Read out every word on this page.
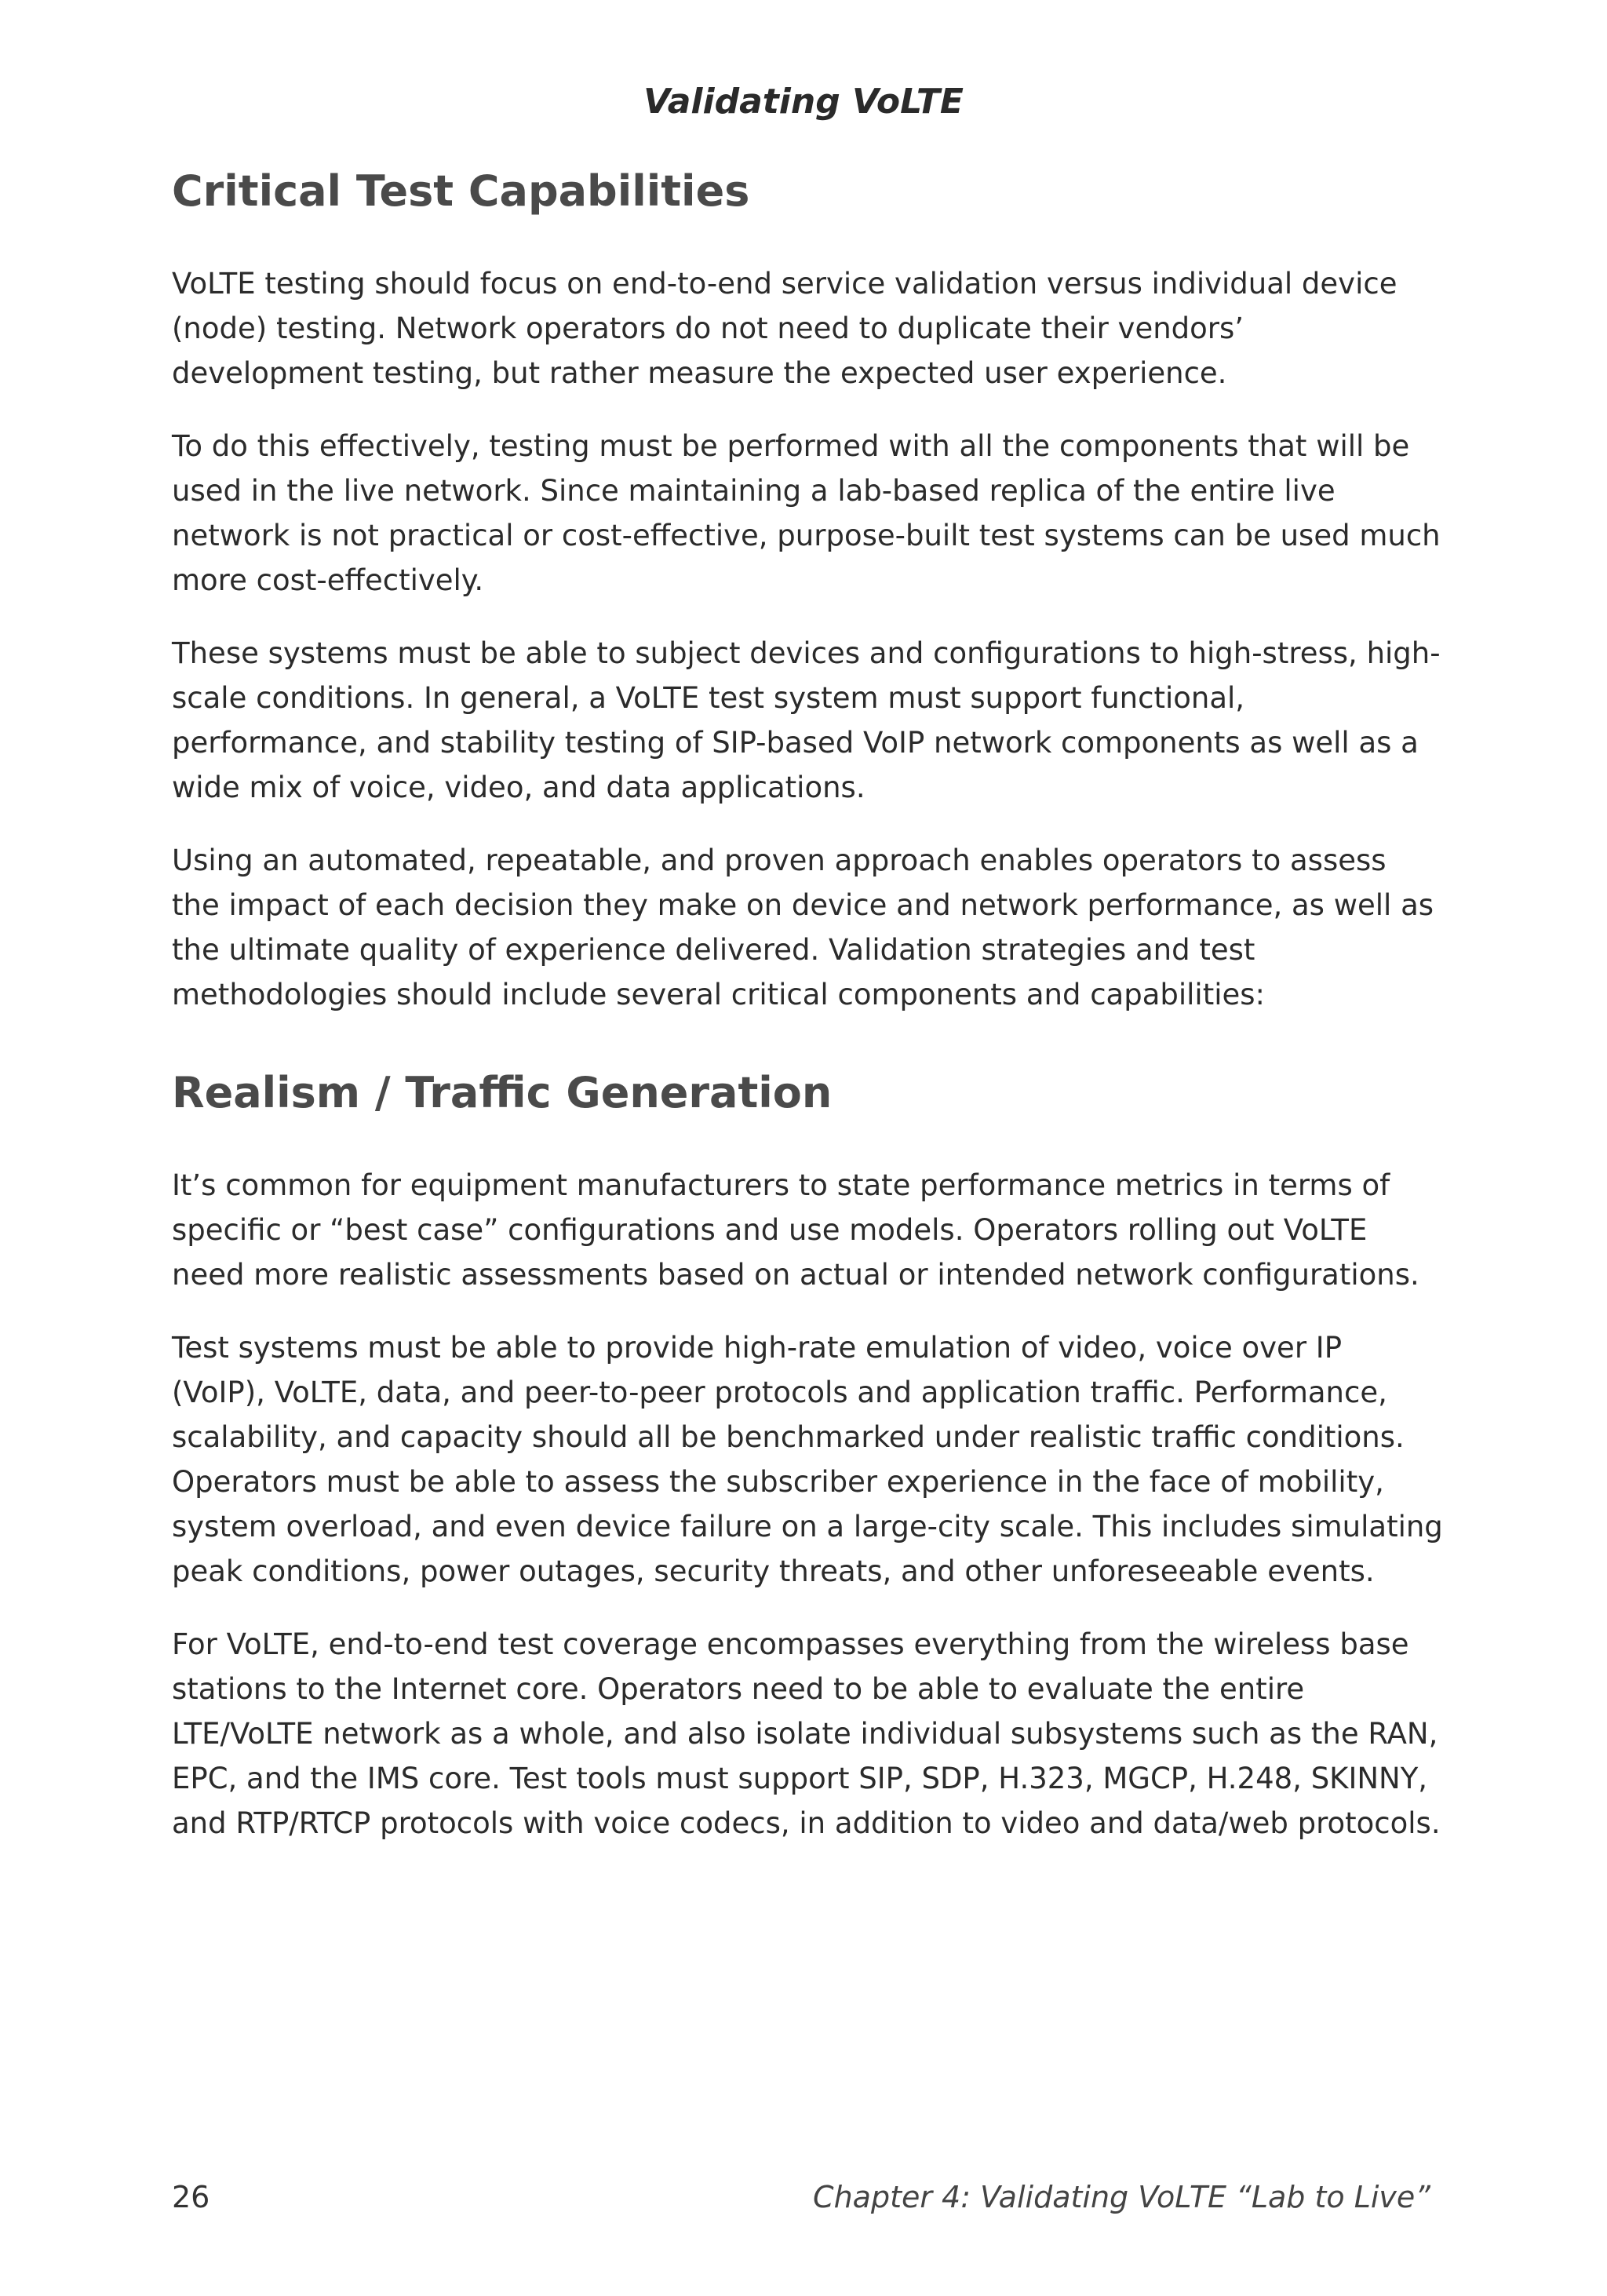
Validating VoLTE
Critical Test Capabilities

VoLTE testing should focus on end-to-end service validation versus individual device (node) testing. Network operators do not need to duplicate their vendors’ development testing, but rather measure the expected user experience.

To do this effectively, testing must be performed with all the components that will be used in the live network. Since maintaining a lab-based replica of the entire live network is not practical or cost-effective, purpose-built test systems can be used much more cost-effectively.

These systems must be able to subject devices and configurations to high-stress, high-scale conditions. In general, a VoLTE test system must support functional, performance, and stability testing of SIP-based VoIP network components as well as a wide mix of voice, video, and data applications.

Using an automated, repeatable, and proven approach enables operators to assess the impact of each decision they make on device and network performance, as well as the ultimate quality of experience delivered. Validation strategies and test methodologies should include several critical components and capabilities:

Realism / Traffic Generation

It’s common for equipment manufacturers to state performance metrics in terms of specific or “best case” configurations and use models. Operators rolling out VoLTE need more realistic assessments based on actual or intended network configurations.

Test systems must be able to provide high-rate emulation of video, voice over IP (VoIP), VoLTE, data, and peer-to-peer protocols and application traffic. Performance, scalability, and capacity should all be benchmarked under realistic traffic conditions. Operators must be able to assess the subscriber experience in the face of mobility, system overload, and even device failure on a large-city scale. This includes simulating peak conditions, power outages, security threats, and other unforeseeable events.

For VoLTE, end-to-end test coverage encompasses everything from the wireless base stations to the Internet core. Operators need to be able to evaluate the entire LTE/VoLTE network as a whole, and also isolate individual subsystems such as the RAN, EPC, and the IMS core. Test tools must support SIP, SDP, H.323, MGCP, H.248, SKINNY, and RTP/RTCP protocols with voice codecs, in addition to video and data/web protocols.

26	Chapter 4: Validating VoLTE “Lab to Live”
